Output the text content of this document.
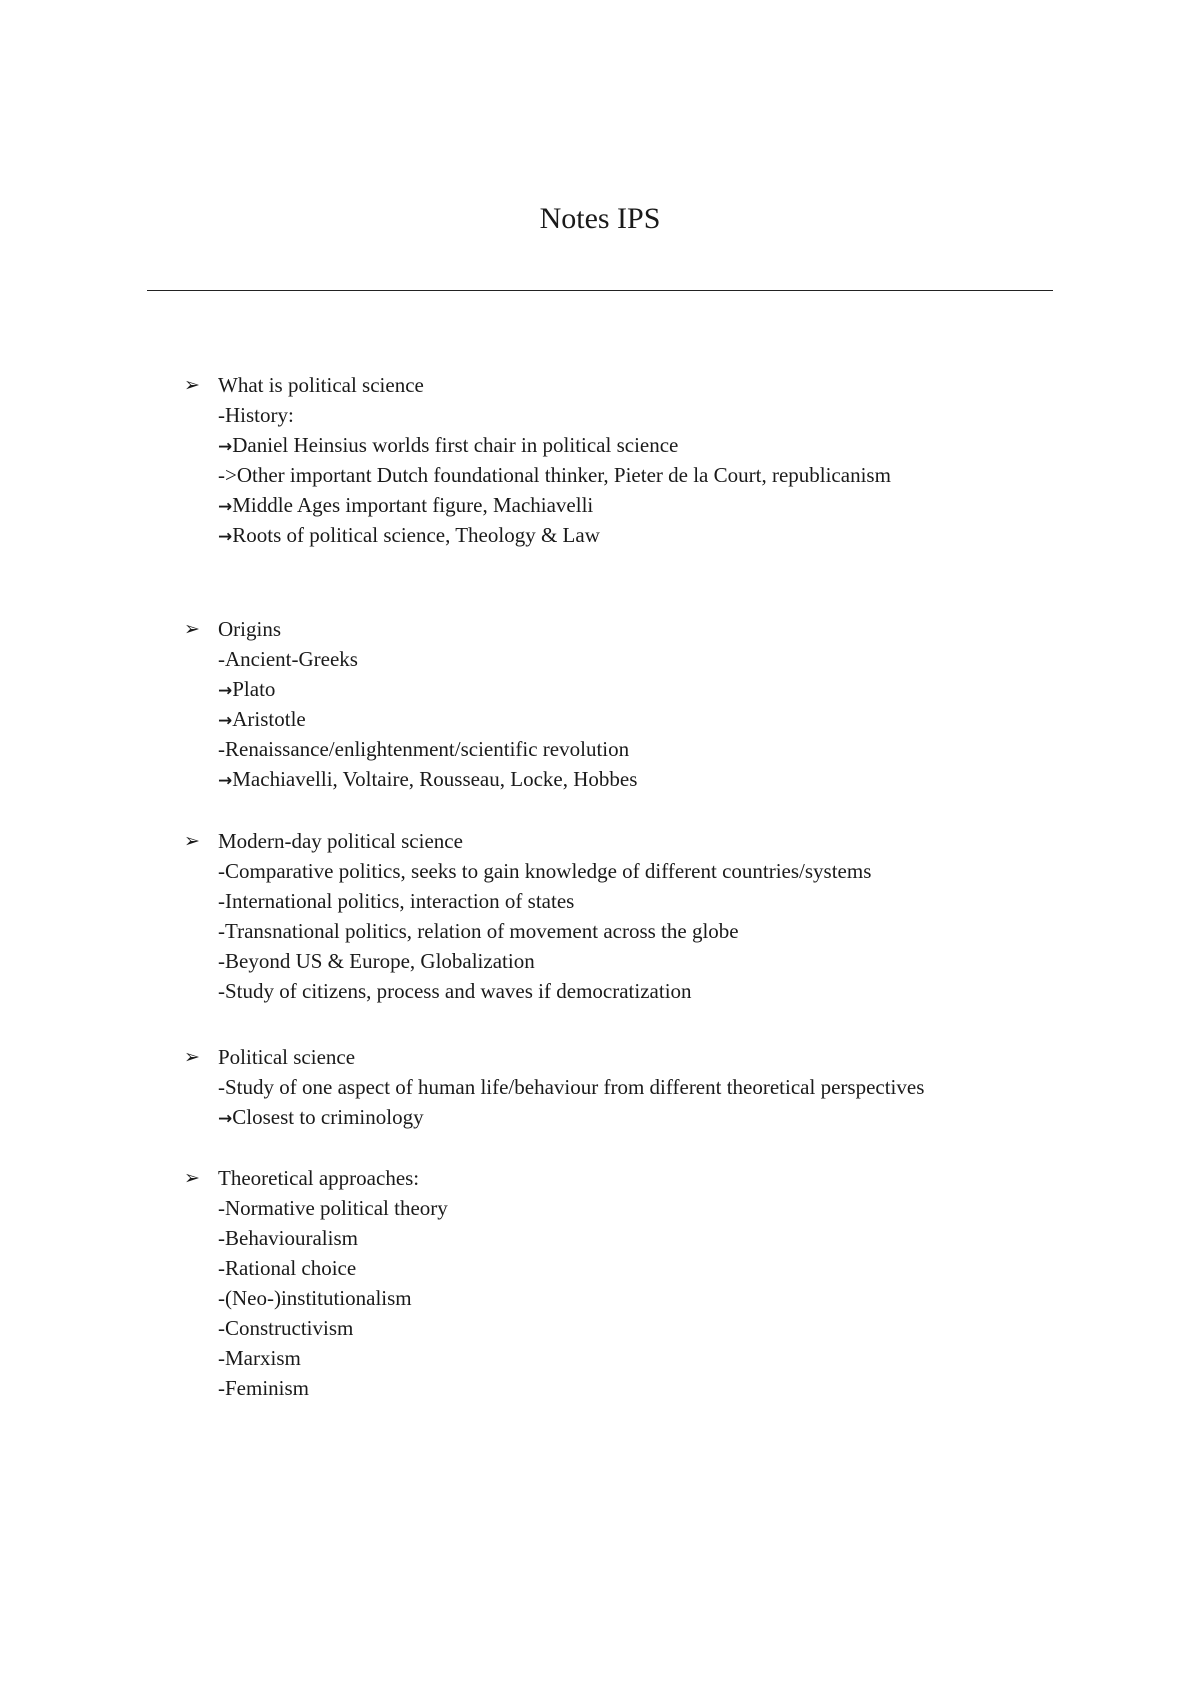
Notes IPS
➢ What is political science
-History:
→Daniel Heinsius worlds first chair in political science
->Other important Dutch foundational thinker, Pieter de la Court, republicanism
→Middle Ages important figure, Machiavelli
→Roots of political science, Theology & Law
➢ Origins
-Ancient-Greeks
→Plato
→Aristotle
-Renaissance/enlightenment/scientific revolution
→Machiavelli, Voltaire, Rousseau, Locke, Hobbes
➢ Modern-day political science
-Comparative politics, seeks to gain knowledge of different countries/systems
-International politics, interaction of states
-Transnational politics, relation of movement across the globe
-Beyond US & Europe, Globalization
-Study of citizens, process and waves if democratization
➢ Political science
-Study of one aspect of human life/behaviour from different theoretical perspectives
→Closest to criminology
➢ Theoretical approaches:
-Normative political theory
-Behaviouralism
-Rational choice
-(Neo-)institutionalism
-Constructivism
-Marxism
-Feminism
